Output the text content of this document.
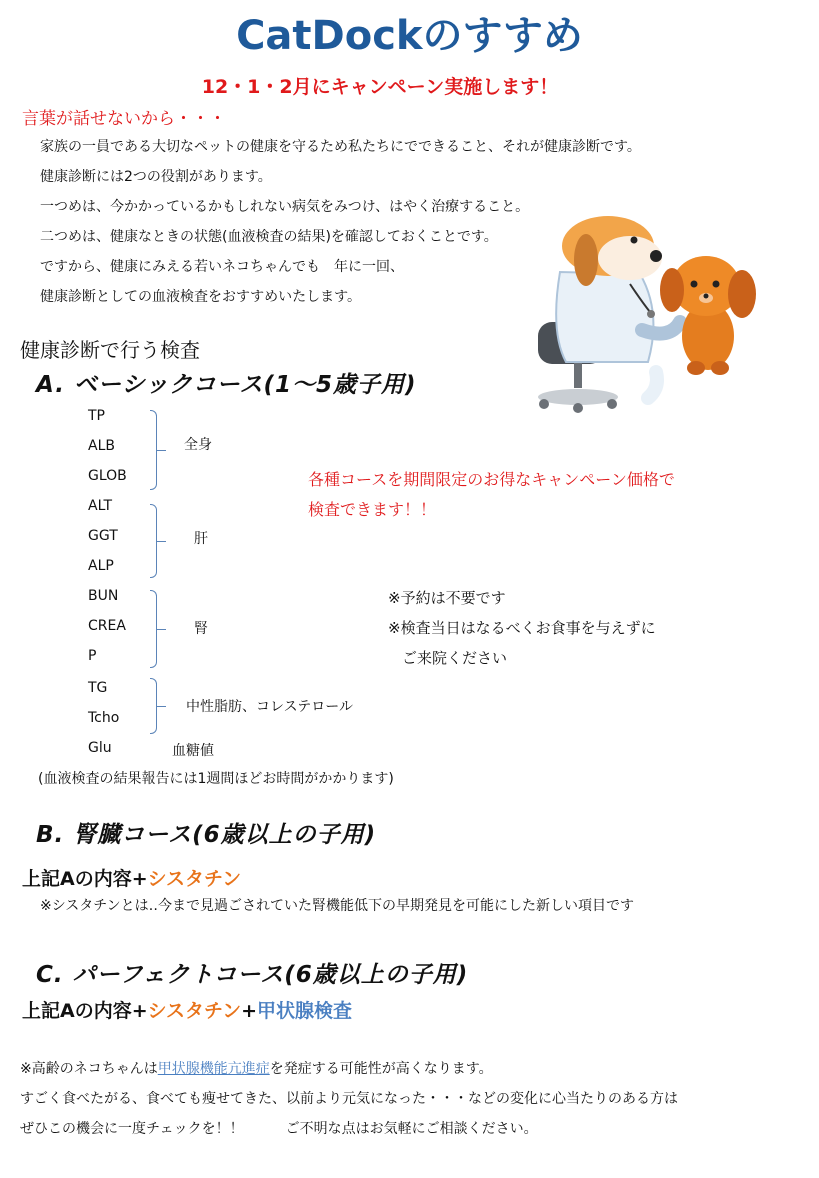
CatDockのすすめ
12・1・2月にキャンペーン実施します！
言葉が話せないから・・・
家族の一員である大切なペットの健康を守るため私たちにでできること、それが健康診断です。
健康診断には2つの役割があります。
一つめは、今かかっているかもしれない病気をみつけ、はやく治療すること。
二つめは、健康なときの状態(血液検査の結果)を確認しておくことです。
ですから、健康にみえる若いネコちゃんでも　年に一回、
健康診断としての血液検査をおすすめいたします。
健康診断で行う検査
A. ベーシックコース(1～5歳子用)
TP
ALB
GLOB
ALT
GGT
ALP
BUN
CREA
P
TG
Tcho
Glu
全身
肝
腎
中性脂肪、コレステロール
血糖値
各種コースを期間限定のお得なキャンペーン価格で
検査できます！！
※予約は不要です
※検査当日はなるべくお食事を与えずに
ご来院ください
(血液検査の結果報告には1週間ほどお時間がかかります)
B. 腎臓コース(6歳以上の子用)
上記Aの内容+シスタチン
※シスタチンとは‥今まで見過ごされていた腎機能低下の早期発見を可能にした新しい項目です
C. パーフェクトコース(6歳以上の子用)
上記Aの内容+シスタチン+甲状腺検査
※高齢のネコちゃんは甲状腺機能亢進症を発症する可能性が高くなります。
すごく食べたがる、食べても痩せてきた、以前より元気になった・・・などの変化に心当たりのある方は
ぜひこの機会に一度チェックを！！　　　ご不明な点はお気軽にご相談ください。
